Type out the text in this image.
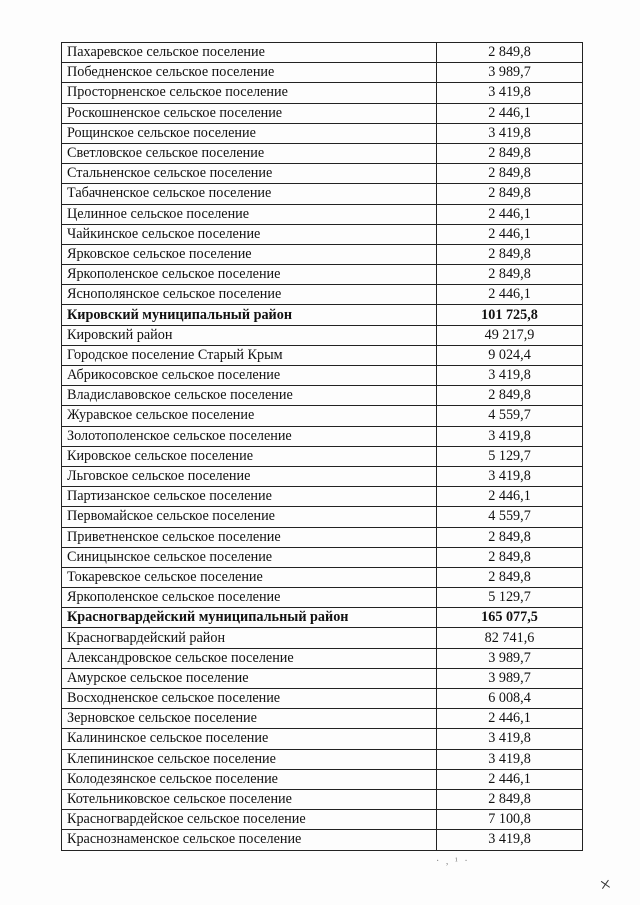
Пахаревское сельское поселение	2 849,8
Победненское сельское поселение	3 989,7
Просторненское сельское поселение	3 419,8
Роскошненское сельское поселение	2 446,1
Рощинское сельское поселение	3 419,8
Светловское сельское поселение	2 849,8
Стальненское сельское поселение	2 849,8
Табачненское сельское поселение	2 849,8
Целинное сельское поселение	2 446,1
Чайкинское сельское поселение	2 446,1
Ярковское сельское поселение	2 849,8
Яркополенское сельское поселение	2 849,8
Яснополянское сельское поселение	2 446,1
Кировский муниципальный район	101 725,8
Кировский район	49 217,9
Городское поселение Старый Крым	9 024,4
Абрикосовское сельское поселение	3 419,8
Владиславовское сельское поселение	2 849,8
Журавское сельское поселение	4 559,7
Золотополенское сельское поселение	3 419,8
Кировское сельское поселение	5 129,7
Льговское сельское поселение	3 419,8
Партизанское сельское поселение	2 446,1
Первомайское сельское поселение	4 559,7
Приветненское сельское поселение	2 849,8
Синицынское сельское поселение	2 849,8
Токаревское сельское поселение	2 849,8
Яркополенское сельское поселение	5 129,7
Красногвардейский муниципальный район	165 077,5
Красногвардейский район	82 741,6
Александровское сельское поселение	3 989,7
Амурское сельское поселение	3 989,7
Восходненское сельское поселение	6 008,4
Зерновское сельское поселение	2 446,1
Калининское сельское поселение	3 419,8
Клепининское сельское поселение	3 419,8
Колодезянское сельское поселение	2 446,1
Котельниковское сельское поселение	2 849,8
Красногвардейское сельское поселение	7 100,8
Краснознаменское сельское поселение	3 419,8
· , ¹ ·
×
